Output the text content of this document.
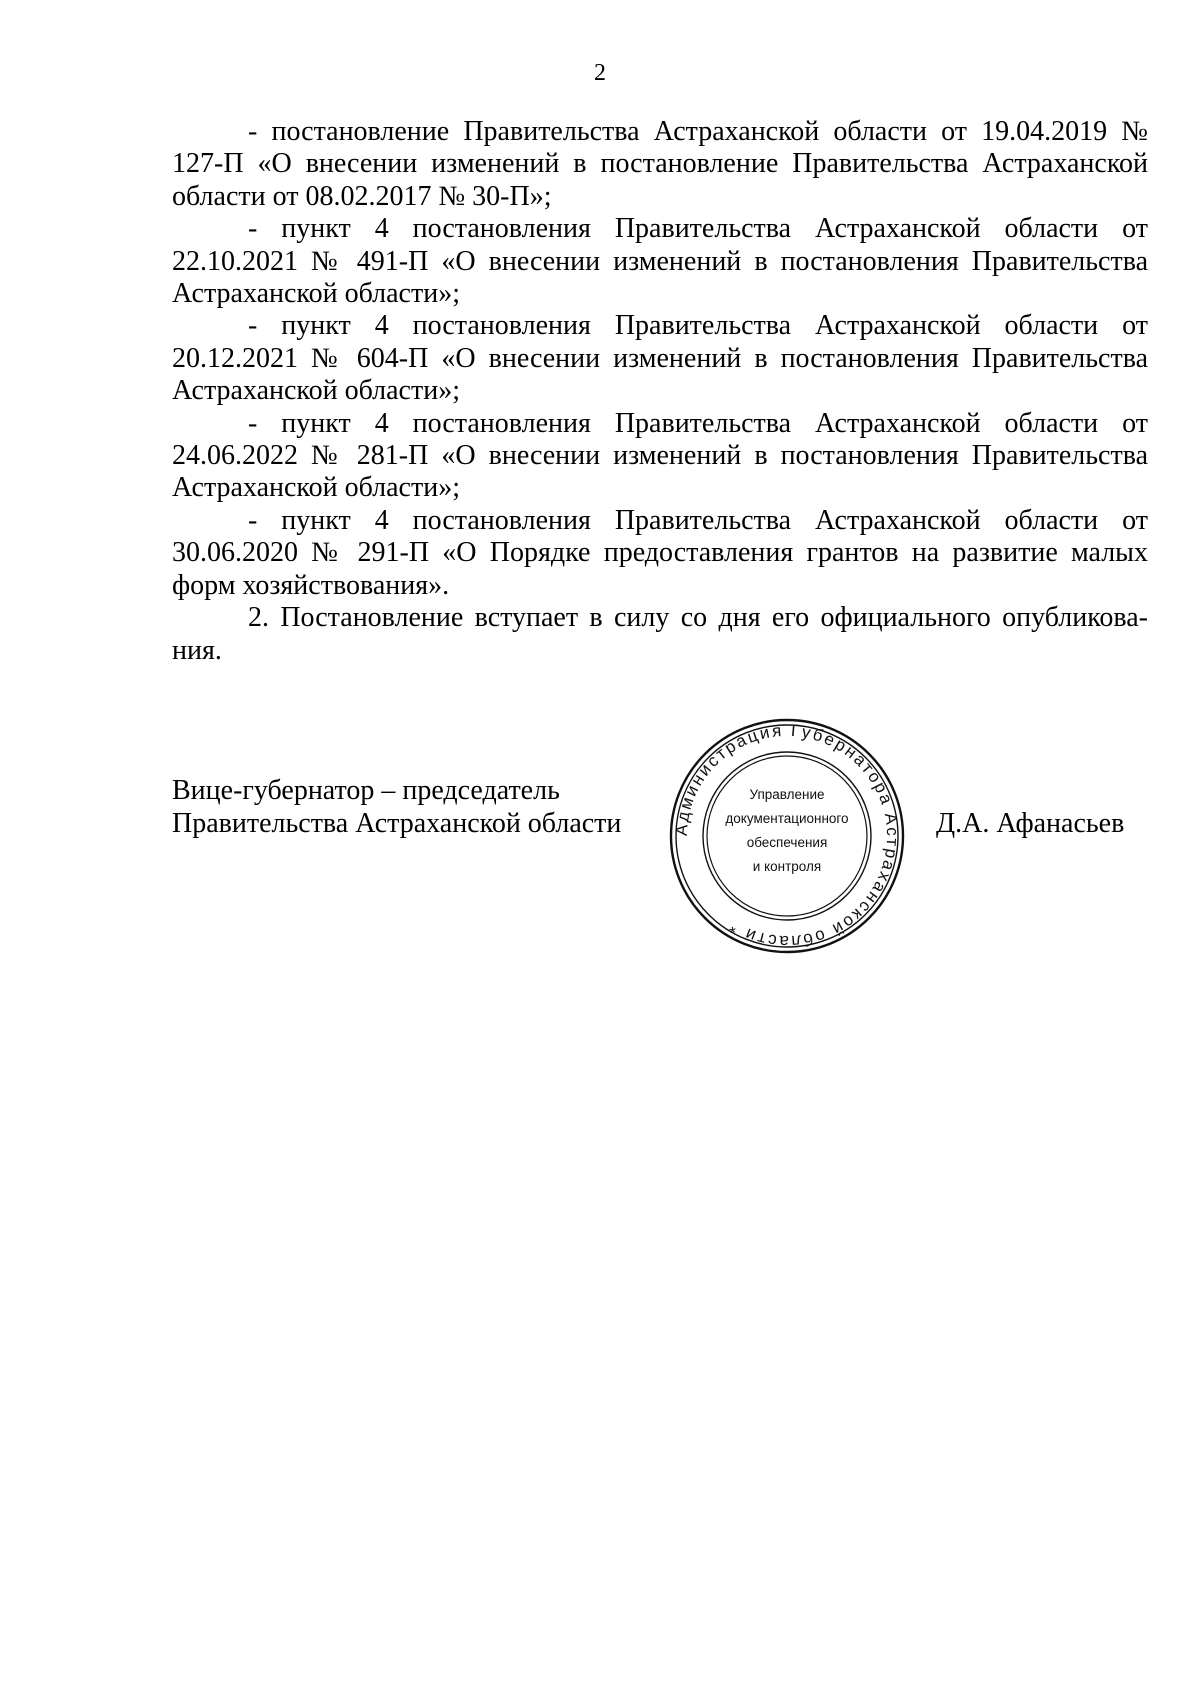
2

- постановление Правительства Астраханской области от 19.04.2019 № 127-П «О внесении изменений в постановление Правительства Астраханской области от 08.02.2017 № 30-П»;

- пункт 4 постановления Правительства Астраханской области от 22.10.2021 № 491-П «О внесении изменений в постановления Правительства Астраханской области»;

- пункт 4 постановления Правительства Астраханской области от 20.12.2021 № 604-П «О внесении изменений в постановления Правительства Астраханской области»;

- пункт 4 постановления Правительства Астраханской области от 24.06.2022 № 281-П «О внесении изменений в постановления Правительства Астраханской области»;

- пункт 4 постановления Правительства Астраханской области от 30.06.2020 № 291-П «О Порядке предоставления грантов на развитие малых форм хозяйствования».

2. Постановление вступает в силу со дня его официального опубликования.

Вице-губернатор – председатель
Правительства Астраханской области	Администрация Губернатора Астраханской области *
Управление
документационного
обеспечения
и контроля
Д.А. Афанасьев
